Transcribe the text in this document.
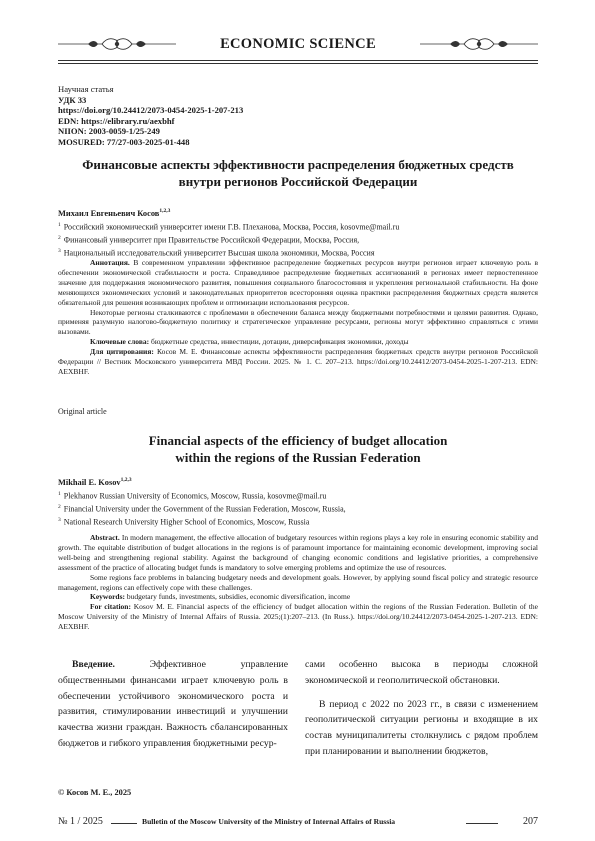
ECONOMIC SCIENCE
Научная статья
УДК 33
https://doi.org/10.24412/2073-0454-2025-1-207-213
EDN: https://elibrary.ru/aexbhf
NIION: 2003-0059-1/25-249
MOSURED: 77/27-003-2025-01-448
Финансовые аспекты эффективности распределения бюджетных средств
внутри регионов Российской Федерации
Михаил Евгеньевич Косов$^{1,2,3}$
$^1$ Российский экономический университет имени Г.В. Плеханова, Москва, Россия, kosovme@mail.ru
$^2$ Финансовый университет при Правительстве Российской Федерации, Москва, Россия,
$^3$ Национальный исследовательский университет Высшая школа экономики, Москва, Россия

Аннотация. В современном управлении эффективное распределение бюджетных ресурсов внутри регионов играет ключевую роль в обеспечении экономической стабильности и роста. Справедливое распределение бюджетных ассигнований в регионах имеет первостепенное значение для поддержания экономического развития, повышения социального благосостояния и укрепления региональной стабильности. На фоне меняющихся экономических условий и законодательных приоритетов всесторонняя оценка практики распределения бюджетных средств является обязательной для решения возникающих проблем и оптимизации использования ресурсов.

Некоторые регионы сталкиваются с проблемами в обеспечении баланса между бюджетными потребностями и целями развития. Однако, применяя разумную налогово-бюджетную политику и стратегическое управление ресурсами, регионы могут эффективно справляться с этими вызовами.

Ключевые слова: бюджетные средства, инвестиции, дотации, диверсификация экономики, доходы

Для цитирования: Косов М. Е. Финансовые аспекты эффективности распределения бюджетных средств внутри регионов Российской Федерации // Вестник Московского университета МВД России. 2025. № 1. С. 207–213. https://doi.org/10.24412/2073-0454-2025-1-207-213. EDN: AEXBHF.

Original article
Financial aspects of the efficiency of budget allocation
within the regions of the Russian Federation
Mikhail E. Kosov$^{1,2,3}$
$^1$ Plekhanov Russian University of Economics, Moscow, Russia, kosovme@mail.ru
$^2$ Financial University under the Government of the Russian Federation, Moscow, Russia,
$^3$ National Research University Higher School of Economics, Moscow, Russia

Abstract. In modern management, the effective allocation of budgetary resources within regions plays a key role in ensuring economic stability and growth. The equitable distribution of budget allocations in the regions is of paramount importance for maintaining economic development, improving social well-being and strengthening regional stability. Against the background of changing economic conditions and legislative priorities, a comprehensive assessment of the practice of allocating budget funds is mandatory to solve emerging problems and optimize the use of resources.

Some regions face problems in balancing budgetary needs and development goals. However, by applying sound fiscal policy and strategic resource management, regions can effectively cope with these challenges.

Keywords: budgetary funds, investments, subsidies, economic diversification, income

For citation: Kosov M. E. Financial aspects of the efficiency of budget allocation within the regions of the Russian Federation. Bulletin of the Moscow University of the Ministry of Internal Affairs of Russia. 2025;(1):207–213. (In Russ.). https://doi.org/10.24412/2073-0454-2025-1-207-213. EDN: AEXBHF.

Введение. Эффективное управление общественными финансами играет ключевую роль в обеспечении устойчивого экономического роста и развития, стимулировании инвестиций и улучшении качества жизни граждан. Важность сбалансированных бюджетов и гибкого управления бюджетными ресур-

сами особенно высока в периоды сложной экономической и геополитической обстановки.

В период с 2022 по 2023 гг., в связи с изменением геополитической ситуации регионы и входящие в их состав муниципалитеты столкнулись с рядом проблем при планировании и выполнении бюджетов,

© Косов М. Е., 2025
№ 1 / 2025	Bulletin of the Moscow University of the Ministry of Internal Affairs of Russia	207
